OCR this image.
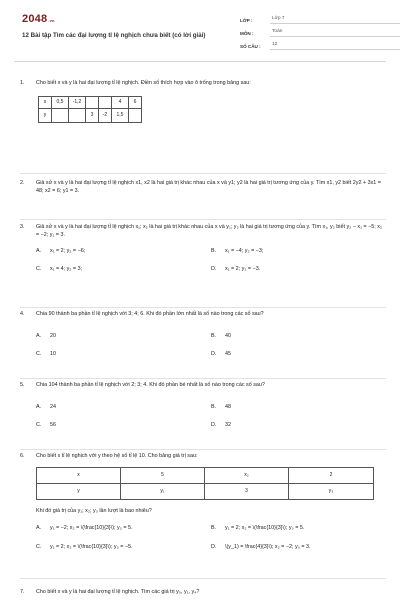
2048.vn
12 Bài tập Tìm các đại lượng tỉ lệ nghịch chưa biết (có lời giải)
LỚP :	Lớp 7
MÔN :	Toán
SỐ CÂU :	12
1. Cho biết x và y là hai đại lượng tỉ lệ nghịch. Điền số thích hợp vào ô trống trong bảng sau:
x	0,5	-1,2			4	6
y			3	-2	1,5	
2. Giả sử x và y là hai đại lượng tỉ lệ nghịch x1, x2 là hai giá trị khác nhau của x và y1; y2 là hai giá trị tương ứng của y. Tìm x1, y2 biết 2y2 + 3x1 = 48; x2 = 6; y1 = 3.
3. Giả sử x và y là hai đại lượng tỉ lệ nghịch x₁; x₂ là hai giá trị khác nhau của x và y₁; y₂ là hai giá trị tương ứng của y. Tìm x₁, y₂ biết y₂ − x₁ = −5; x₂ = −2; y₁ = 3.
A.	x₁ = 2; y₂ = −6;	B.	x₁ = −4; y₂ = −3;
C.	x₁ = 4; y₂ = 3;	D.	x₁ = 2; y₂ = −3.
4. Chia 90 thành ba phần tỉ lệ nghịch với 3; 4; 6. Khi đó phần lớn nhất là số nào trong các số sau?
A.	20	B.	40
C.	10	D.	45
5. Chia 104 thành ba phần tỉ lệ nghịch với 2; 3; 4. Khi đó phần bé nhất là số nào trong các số sau?
A.	24	B.	48
C.	56	D.	32
6. Cho biết x tỉ lệ nghịch với y theo hệ số tỉ lệ 10. Cho bảng giá trị sau:
x	5	x₂	2
y	y₁	3	y₃
Khi đó giá trị của y₁; x₂; y₃ lần lượt là bao nhiêu?
A.	y₁ = −2; x₂ = \(\frac{10}{3}\); y₃ = 5.	B.	y₁ = 2; x₂ = \(\frac{10}{3}\); y₃ = 5.
C.	y₁ = 2; x₂ = \(\frac{10}{3}\); y₃ = −5.	D.	\(y_1) = \frac{4}{3}\); x₂ = −2; y₃ = 3.
7. Cho biết x và y là hai đại lượng tỉ lệ nghịch. Tìm các giá trị y₀, y₁, y₄?
